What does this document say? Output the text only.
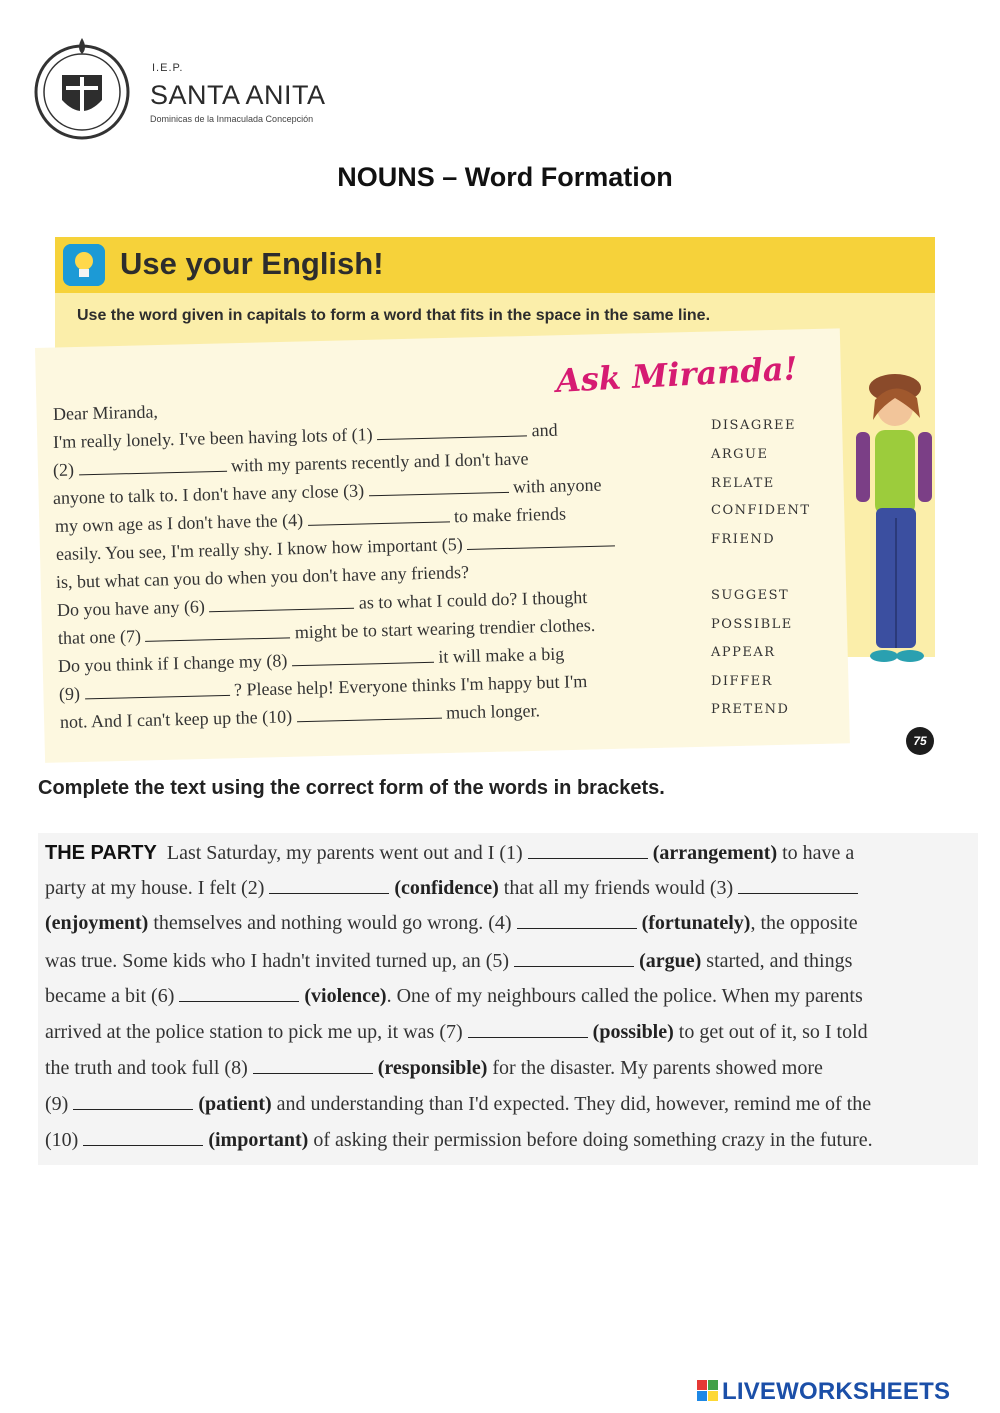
I.E.P.
SANTA ANITA
Dominicas de la Inmaculada Concepción
NOUNS – Word Formation
Use your English!
Use the word given in capitals to form a word that fits in the space in the same line.
Ask Miranda!
Dear Miranda,
I'm really lonely. I've been having lots of (1)	and
(2)	with my parents recently and I don't have
anyone to talk to. I don't have any close (3)	with anyone
my own age as I don't have the (4)	to make friends
easily. You see, I'm really shy. I know how important (5)
is, but what can you do when you don't have any friends?
Do you have any (6)	as to what I could do? I thought
that one (7)	might be to start wearing trendier clothes.
Do you think if I change my (8)	it will make a big
(9)	? Please help! Everyone thinks I'm happy but I'm
not. And I can't keep up the (10)	much longer.
DISAGREE
ARGUE
RELATE
CONFIDENT
FRIEND
SUGGEST
POSSIBLE
APPEAR
DIFFER
PRETEND
75
Complete the text using the correct form of the words in brackets.
THE PARTY Last Saturday, my parents went out and I (1)	(arrangement) to have a
party at my house. I felt (2)	(confidence) that all my friends would (3)
(enjoyment) themselves and nothing would go wrong. (4)	(fortunately), the opposite
was true. Some kids who I hadn't invited turned up, an (5)	(argue) started, and things
became a bit (6)	(violence). One of my neighbours called the police. When my parents
arrived at the police station to pick me up, it was (7)	(possible) to get out of it, so I told
the truth and took full (8)	(responsible) for the disaster. My parents showed more
(9)	(patient) and understanding than I'd expected. They did, however, remind me of the
(10)	(important) of asking their permission before doing something crazy in the future.
LIVEWORKSHEETS
